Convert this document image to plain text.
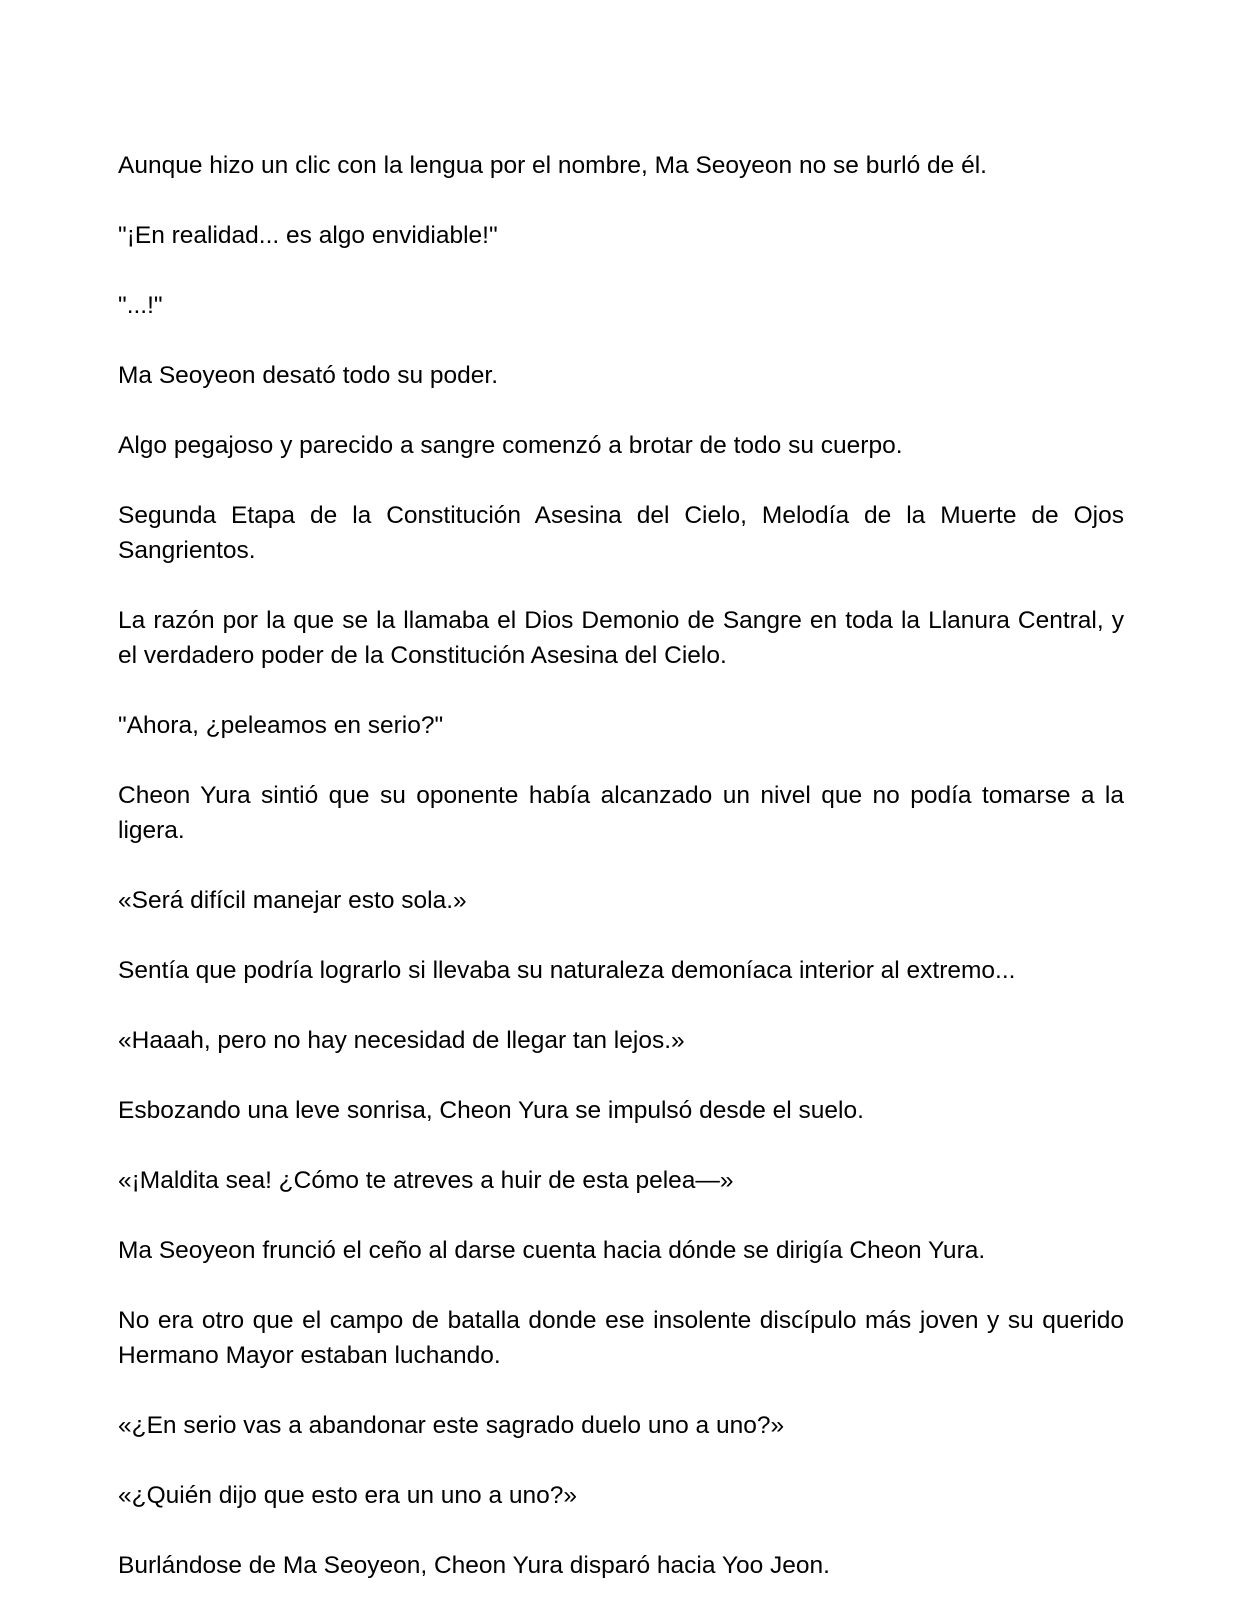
Aunque hizo un clic con la lengua por el nombre, Ma Seoyeon no se burló de él.

"¡En realidad... es algo envidiable!"

"...!"

Ma Seoyeon desató todo su poder.

Algo pegajoso y parecido a sangre comenzó a brotar de todo su cuerpo.

Segunda Etapa de la Constitución Asesina del Cielo, Melodía de la Muerte de Ojos Sangrientos.

La razón por la que se la llamaba el Dios Demonio de Sangre en toda la Llanura Central, y el verdadero poder de la Constitución Asesina del Cielo.

"Ahora, ¿peleamos en serio?"

Cheon Yura sintió que su oponente había alcanzado un nivel que no podía tomarse a la ligera.

«Será difícil manejar esto sola.»

Sentía que podría lograrlo si llevaba su naturaleza demoníaca interior al extremo...

«Haaah, pero no hay necesidad de llegar tan lejos.»

Esbozando una leve sonrisa, Cheon Yura se impulsó desde el suelo.

«¡Maldita sea! ¿Cómo te atreves a huir de esta pelea—»

Ma Seoyeon frunció el ceño al darse cuenta hacia dónde se dirigía Cheon Yura.

No era otro que el campo de batalla donde ese insolente discípulo más joven y su querido Hermano Mayor estaban luchando.

«¿En serio vas a abandonar este sagrado duelo uno a uno?»

«¿Quién dijo que esto era un uno a uno?»

Burlándose de Ma Seoyeon, Cheon Yura disparó hacia Yoo Jeon.
